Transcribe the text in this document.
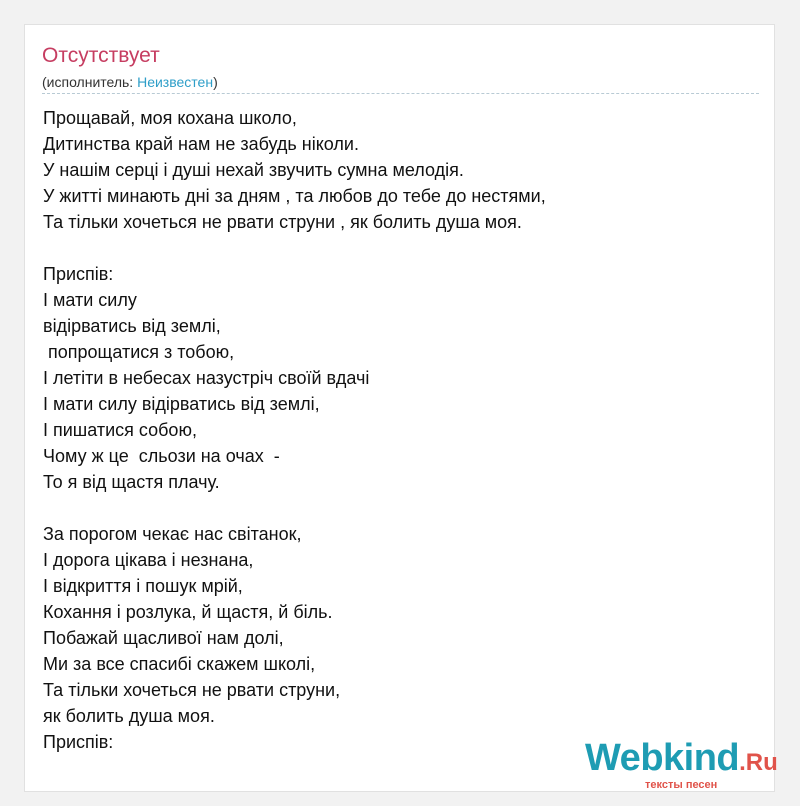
Отсутствует
(исполнитель: Неизвестен)
Прощавай, моя кохана школо,
Дитинства край нам не забудь ніколи.
У нашім серці і душі нехай звучить сумна мелодія.
У житті минають дні за дням , та любов до тебе до нестями,
Та тільки хочеться не рвати струни , як болить душа моя.
Приспів:
І мати силу
відірватись від землі,
попрощатися з тобою,
І летіти в небесах назустріч своїй вдачі
І мати силу відірватись від землі,
І пишатися собою,
Чому ж це  сльози на очах  -
То я від щастя плачу.
За порогом чекає нас світанок,
І дорога цікава і незнана,
І відкриття і пошук мрій,
Кохання і розлука, й щастя, й біль.
Побажай щасливої нам долі,
Ми за все спасибі скажем школі,
Та тільки хочеться не рвати струни,
як болить душа моя.
Приспів:	Webkind.Ru
тексты песен
